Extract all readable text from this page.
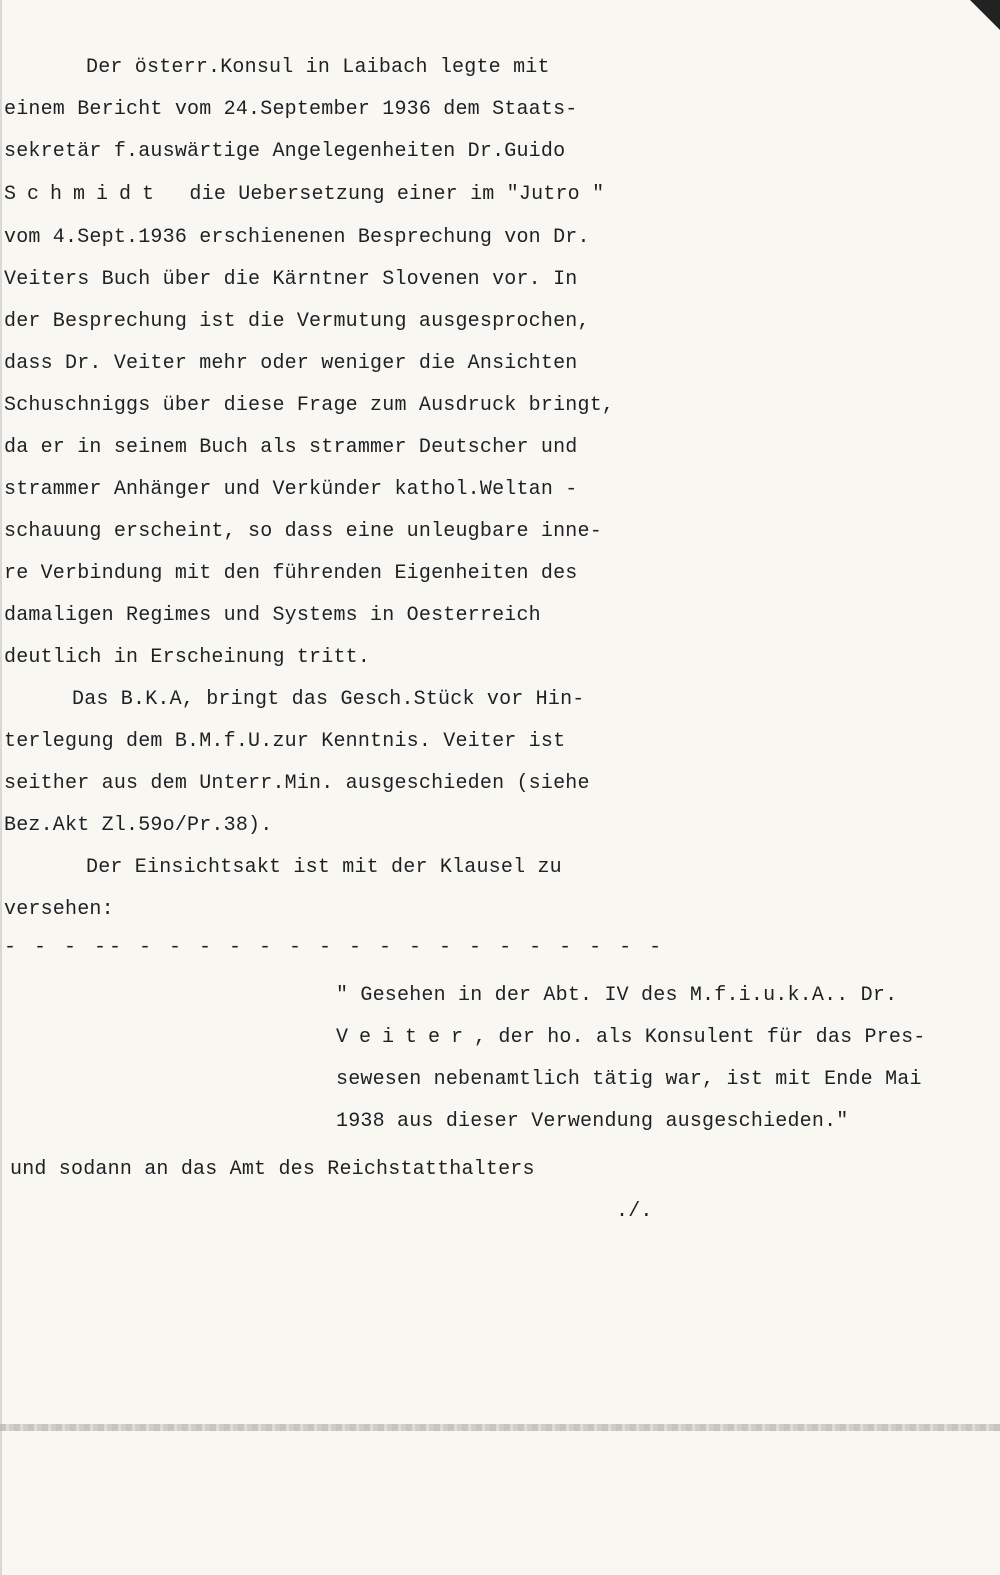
Der österr.Konsul in Laibach legte mit
einem Bericht vom 24.September 1936 dem Staats-
sekretär f.auswärtige Angelegenheiten Dr.Guido
Schmidt die Uebersetzung einer im "Jutro "
vom 4.Sept.1936 erschienenen Besprechung von Dr.
Veiters Buch über die Kärntner Slovenen vor. In
der Besprechung ist die Vermutung ausgesprochen,
dass Dr. Veiter mehr oder weniger die Ansichten
Schuschniggs über diese Frage zum Ausdruck bringt,
da er in seinem Buch als strammer Deutscher und
strammer Anhänger und Verkünder kathol.Weltan -
schauung erscheint, so dass eine unleugbare inne-
re Verbindung mit den führenden Eigenheiten des
damaligen Regimes und Systems in Oesterreich
deutlich in Erscheinung tritt.
Das B.K.A, bringt das Gesch.Stück vor Hin-
terlegung dem B.M.f.U.zur Kenntnis. Veiter ist
seither aus dem Unterr.Min. ausgeschieden (siehe
Bez.Akt Zl.59o/Pr.38).
Der Einsichtsakt ist mit der Klausel zu
versehen:
- - - -- - - - - - - - - - - - - - - - - - -
" Gesehen in der Abt. IV des M.f.i.u.k.A.. Dr.
Veiter, der ho. als Konsulent für das Pres-
sewesen nebenamtlich tätig war, ist mit Ende Mai
1938 aus dieser Verwendung ausgeschieden."
und sodann an das Amt des Reichstatthalters
./.
